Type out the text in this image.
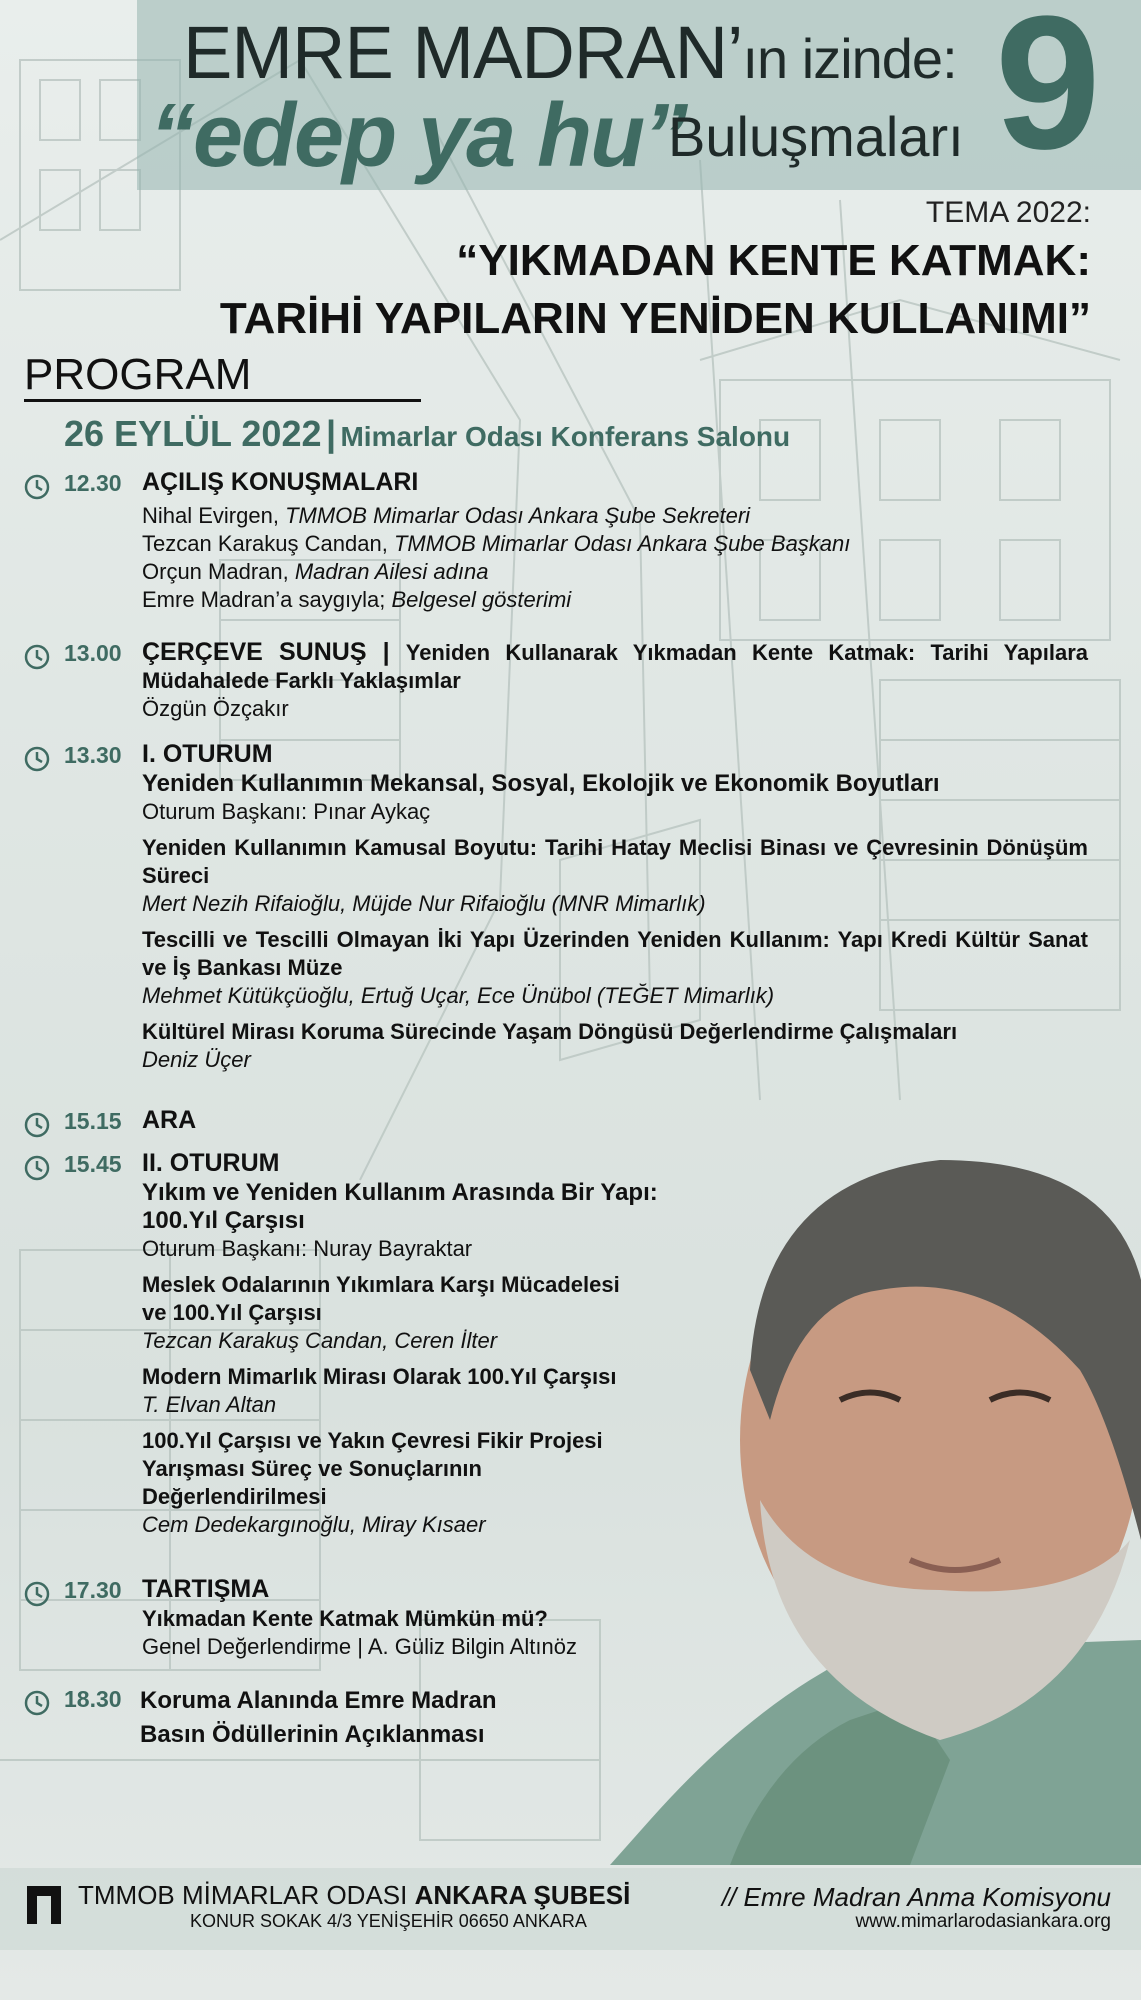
EMRE MADRAN’ın izinde:
“edep ya hu”
Buluşmaları 9
TEMA 2022:
“YIKMADAN KENTE KATMAK:
TARİHİ YAPILARIN YENİDEN KULLANIMI”
PROGRAM
26 EYLÜL 2022 | Mimarlar Odası Konferans Salonu
12.30 AÇILIŞ KONUŞMALARI
Nihal Evirgen, TMMOB Mimarlar Odası Ankara Şube Sekreteri
Tezcan Karakuş Candan, TMMOB Mimarlar Odası Ankara Şube Başkanı
Orçun Madran, Madran Ailesi adına
Emre Madran’a saygıyla; Belgesel gösterimi
13.00 ÇERÇEVE SUNUŞ | Yeniden Kullanarak Yıkmadan Kente Katmak: Tarihi Yapılara Müdahalede Farklı Yaklaşımlar
Özgün Özçakır
13.30 I. OTURUM
Yeniden Kullanımın Mekansal, Sosyal, Ekolojik ve Ekonomik Boyutları
Oturum Başkanı: Pınar Aykaç
Yeniden Kullanımın Kamusal Boyutu: Tarihi Hatay Meclisi Binası ve Çevresinin Dönüşüm Süreci
Mert Nezih Rifaioğlu, Müjde Nur Rifaioğlu (MNR Mimarlık)
Tescilli ve Tescilli Olmayan İki Yapı Üzerinden Yeniden Kullanım: Yapı Kredi Kültür Sanat ve İş Bankası Müze
Mehmet Kütükçüoğlu, Ertuğ Uçar, Ece Ünübol (TEĞET Mimarlık)
Kültürel Mirası Koruma Sürecinde Yaşam Döngüsü Değerlendirme Çalışmaları
Deniz Üçer
15.15 ARA
15.45 II. OTURUM
Yıkım ve Yeniden Kullanım Arasında Bir Yapı:
100.Yıl Çarşısı
Oturum Başkanı: Nuray Bayraktar
Meslek Odalarının Yıkımlara Karşı Mücadelesi
ve 100.Yıl Çarşısı
Tezcan Karakuş Candan, Ceren İlter
Modern Mimarlık Mirası Olarak 100.Yıl Çarşısı
T. Elvan Altan
100.Yıl Çarşısı ve Yakın Çevresi Fikir Projesi
Yarışması Süreç ve Sonuçlarının
Değerlendirilmesi
Cem Dedekargınoğlu, Miray Kısaer
17.30 TARTIŞMA
Yıkmadan Kente Katmak Mümkün mü?
Genel Değerlendirme | A. Güliz Bilgin Altınöz
18.30 Koruma Alanında Emre Madran
Basın Ödüllerinin Açıklanması
TMMOB MİMARLAR ODASI ANKARA ŞUBESİ
KONUR SOKAK 4/3 YENİŞEHİR 06650 ANKARA
// Emre Madran Anma Komisyonu
www.mimarlarodasiankara.org
